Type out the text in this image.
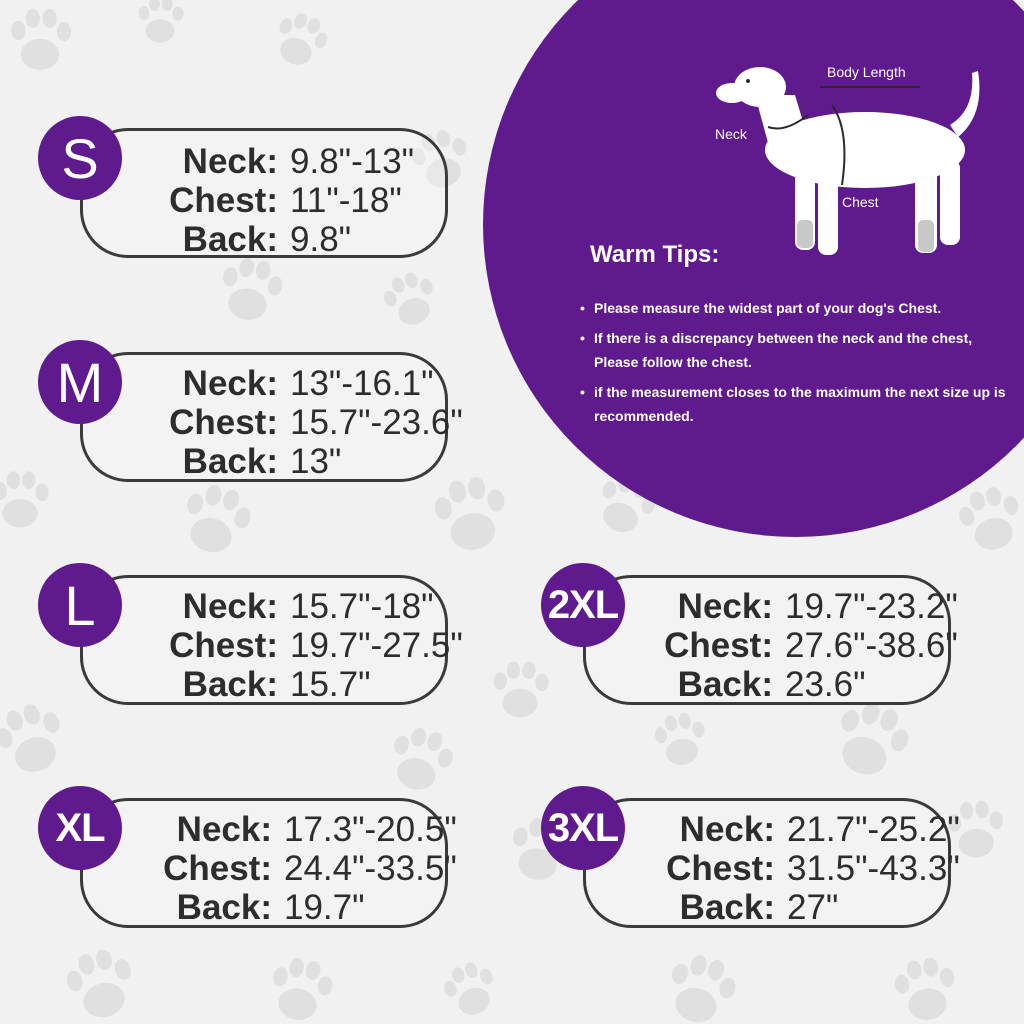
Body Length
Neck
Chest
Warm Tips:
• Please measure the widest part of your dog's Chest.
• If there is a discrepancy between the neck and the chest, Please follow the chest.
• if the measurement closes to the maximum the next size up is recommended.
S	Neck: 9.8"-13"
Chest: 11"-18"
Back: 9.8"
M	Neck: 13"-16.1"
Chest: 15.7"-23.6"
Back: 13"
L	Neck: 15.7"-18"
Chest: 19.7"-27.5"
Back: 15.7"
XL	Neck: 17.3"-20.5"
Chest: 24.4"-33.5"
Back: 19.7"
2XL	Neck: 19.7"-23.2"
Chest: 27.6"-38.6"
Back: 23.6"
3XL	Neck: 21.7"-25.2"
Chest: 31.5"-43.3"
Back: 27"
